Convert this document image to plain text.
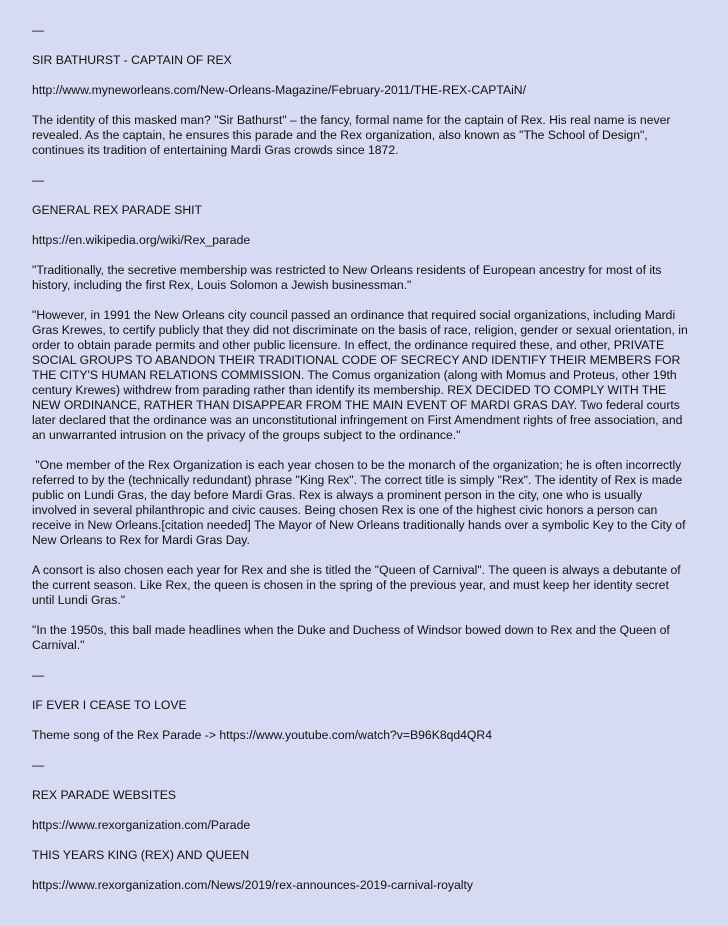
—
SIR BATHURST - CAPTAIN OF REX
http://www.myneworleans.com/New-Orleans-Magazine/February-2011/THE-REX-CAPTAiN/
The identity of this masked man? "Sir Bathurst" – the fancy, formal name for the captain of Rex. His real name is never revealed. As the captain, he ensures this parade and the Rex organization, also known as "The School of Design", continues its tradition of entertaining Mardi Gras crowds since 1872.
—
GENERAL REX PARADE SHIT
https://en.wikipedia.org/wiki/Rex_parade
"Traditionally, the secretive membership was restricted to New Orleans residents of European ancestry for most of its history, including the first Rex, Louis Solomon a Jewish businessman."
"However, in 1991 the New Orleans city council passed an ordinance that required social organizations, including Mardi Gras Krewes, to certify publicly that they did not discriminate on the basis of race, religion, gender or sexual orientation, in order to obtain parade permits and other public licensure. In effect, the ordinance required these, and other, PRIVATE SOCIAL GROUPS TO ABANDON THEIR TRADITIONAL CODE OF SECRECY AND IDENTIFY THEIR MEMBERS FOR THE CITY'S HUMAN RELATIONS COMMISSION. The Comus organization (along with Momus and Proteus, other 19th century Krewes) withdrew from parading rather than identify its membership. REX DECIDED TO COMPLY WITH THE NEW ORDINANCE, RATHER THAN DISAPPEAR FROM THE MAIN EVENT OF MARDI GRAS DAY. Two federal courts later declared that the ordinance was an unconstitutional infringement on First Amendment rights of free association, and an unwarranted intrusion on the privacy of the groups subject to the ordinance."
"One member of the Rex Organization is each year chosen to be the monarch of the organization; he is often incorrectly referred to by the (technically redundant) phrase "King Rex". The correct title is simply "Rex". The identity of Rex is made public on Lundi Gras, the day before Mardi Gras. Rex is always a prominent person in the city, one who is usually involved in several philanthropic and civic causes. Being chosen Rex is one of the highest civic honors a person can receive in New Orleans.[citation needed] The Mayor of New Orleans traditionally hands over a symbolic Key to the City of New Orleans to Rex for Mardi Gras Day.
A consort is also chosen each year for Rex and she is titled the "Queen of Carnival". The queen is always a debutante of the current season. Like Rex, the queen is chosen in the spring of the previous year, and must keep her identity secret until Lundi Gras."
"In the 1950s, this ball made headlines when the Duke and Duchess of Windsor bowed down to Rex and the Queen of Carnival."
—
IF EVER I CEASE TO LOVE
Theme song of the Rex Parade -> https://www.youtube.com/watch?v=B96K8qd4QR4
—
REX PARADE WEBSITES
https://www.rexorganization.com/Parade
THIS YEARS KING (REX) AND QUEEN
https://www.rexorganization.com/News/2019/rex-announces-2019-carnival-royalty
